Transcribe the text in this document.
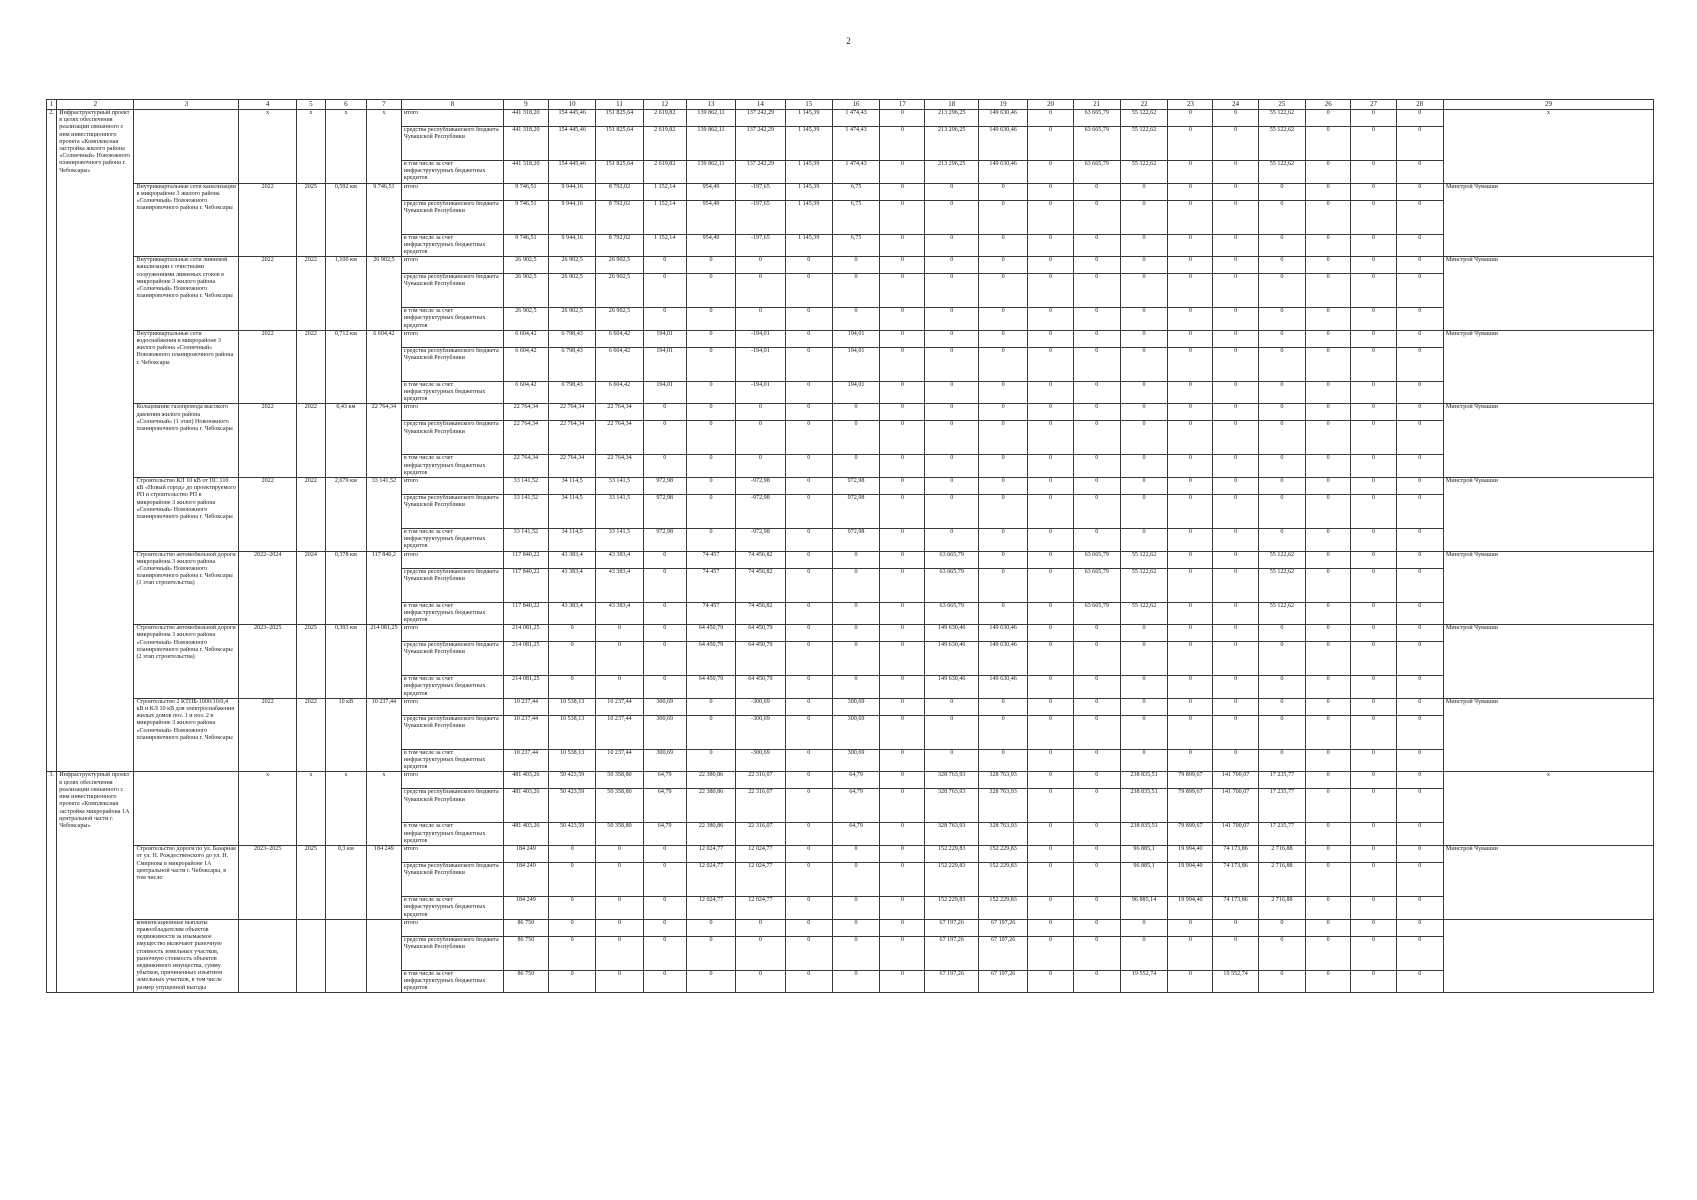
2
1	2	3	4	5	6	7	8	9	10	11	12	13	14	15	16	17	18	19	20	21	22	23	24	25	26	27	28	29
2.	Инфраструктурный проект в целях обеспечения реализации связанного с ним инвестиционного проекта «Комплексная застройка жилого района «Солнечный» Новоюжного планировочного района г. Чебоксары»		x	x	x	x	итого	441 318,20	154 445,46	151 825,64	2 619,82	139 862,11	137 242,29	1 145,39	1 474,43	0	213 296,25	149 630,46	0	63 665,79	55 122,62	0	0	55 122,62	0	0	0	x
							средства республиканского бюджета Чувашской Республики	441 318,20	154 445,46	151 825,64	2 619,82	139 862,11	137 242,29	1 145,39	1 474,43	0	213 296,25	149 630,46	0	63 665,79	55 122,62	0	0	55 122,62	0	0	0	
							в том числе за счет инфраструктурных бюджетных кредитов	441 318,20	154 445,46	151 825,64	2 619,82	139 862,11	137 242,29	1 145,39	1 474,43	0	213 296,25	149 630,46	0	63 665,79	55 122,62	0	0	55 122,62	0	0	0	
		Внутриквартальные сети канализации в микрорайоне 3 жилого района «Солнечный» Новоюжного планировочного района г. Чебоксары	2022	2025	0,592 км	9 746,51	итого	9 746,51	9 944,16	8 792,02	1 152,14	954,49	-197,65	1 145,39	6,75	0	0	0	0	0	0	0	0	0	0	0	0	Минстрой Чувашии
							средства республиканского бюджета Чувашской Республики	9 746,51	9 944,16	8 792,02	1 152,14	954,49	-197,65	1 145,39	6,75	0	0	0	0	0	0	0	0	0	0	0	0	
							в том числе за счет инфраструктурных бюджетных кредитов	9 746,51	9 944,16	8 792,02	1 152,14	954,49	-197,65	1 145,39	6,75	0	0	0	0	0	0	0	0	0	0	0	0	
		Внутриквартальные сети ливневой канализации с очистными сооружениями ливневых стоков в микрорайоне 3 жилого района «Солнечный» Новоюжного планировочного района г. Чебоксары	2022	2022	1,100 км	26 902,5	итого	26 902,5	26 902,5	26 902,5	0	0	0	0	0	0	0	0	0	0	0	0	0	0	0	0	0	Минстрой Чувашии
							средства республиканского бюджета Чувашской Республики	26 902,5	26 902,5	26 902,5	0	0	0	0	0	0	0	0	0	0	0	0	0	0	0	0	0	
							в том числе за счет инфраструктурных бюджетных кредитов	26 902,5	26 902,5	26 902,5	0	0	0	0	0	0	0	0	0	0	0	0	0	0	0	0	0	
		Внутриквартальные сети водоснабжения в микрорайоне 3 жилого района «Солнечный» Новоюжного планировочного района г. Чебоксары	2022	2022	0,712 км	6 604,42	итого	6 604,42	6 798,43	6 604,42	194,01	0	-194,01	0	194,01	0	0	0	0	0	0	0	0	0	0	0	0	Минстрой Чувашии
							средства республиканского бюджета Чувашской Республики	6 604,42	6 798,43	6 604,42	194,01	0	-194,01	0	194,01	0	0	0	0	0	0	0	0	0	0	0	0	
							в том числе за счет инфраструктурных бюджетных кредитов	6 604,42	6 798,43	6 604,42	194,01	0	-194,01	0	194,01	0	0	0	0	0	0	0	0	0	0	0	0	
		Кольцевание газопровода высокого давления жилого района «Солнечный» (1 этап) Новоюжного планировочного района г. Чебоксары	2022	2022	0,43 км	22 764,34	итого	22 764,34	22 764,34	22 764,34	0	0	0	0	0	0	0	0	0	0	0	0	0	0	0	0	0	Минстрой Чувашии
							средства республиканского бюджета Чувашской Республики	22 764,34	22 764,34	22 764,34	0	0	0	0	0	0	0	0	0	0	0	0	0	0	0	0	0	
							в том числе за счет инфраструктурных бюджетных кредитов	22 764,34	22 764,34	22 764,34	0	0	0	0	0	0	0	0	0	0	0	0	0	0	0	0	0	
		Строительство КЛ 10 кВ от ПС 110 кВ «Новый город» до проектируемого РП и строительство РП в микрорайоне 3 жилого района «Солнечный» Новоюжного планировочного района г. Чебоксары	2022	2022	2,679 км	33 141,52	итого	33 141,52	34 114,5	33 141,5	972,98	0	-972,98	0	972,98	0	0	0	0	0	0	0	0	0	0	0	0	Минстрой Чувашии
							средства республиканского бюджета Чувашской Республики	33 141,52	34 114,5	33 141,5	972,98	0	-972,98	0	972,98	0	0	0	0	0	0	0	0	0	0	0	0	
							в том числе за счет инфраструктурных бюджетных кредитов	33 141,52	34 114,5	33 141,5	972,98	0	-972,98	0	972,98	0	0	0	0	0	0	0	0	0	0	0	0	
		Строительство автомобильной дороги микрорайона 3 жилого района «Солнечный» Новоюжного планировочного района г. Чебоксары (1 этап строительства)	2022–2024	2024	0,378 км	117 840,2	итого	117 840,22	43 383,4	43 383,4	0	74 457	74 456,82	0	0	0	63 665,79	0	0	63 665,79	55 122,62	0	0	55 122,62	0	0	0	Минстрой Чувашии
							средства республиканского бюджета Чувашской Республики	117 840,22	43 383,4	43 383,4	0	74 457	74 456,82	0	0	0	63 665,79	0	0	63 665,79	55 122,62	0	0	55 122,62	0	0	0	
							в том числе за счет инфраструктурных бюджетных кредитов	117 840,22	43 383,4	43 383,4	0	74 457	74 456,82	0	0	0	63 665,79	0	0	63 665,79	55 122,62	0	0	55 122,62	0	0	0	
		Строительство автомобильной дороги микрорайона 3 жилого района «Солнечный» Новоюжного планировочного района г. Чебоксары (2 этап строительства)	2023–2025	2025	0,393 км	214 081,25	итого	214 081,25	0	0	0	64 450,79	64 450,79	0	0	0	149 630,46	149 630,46	0	0	0	0	0	0	0	0	0	Минстрой Чувашии
							средства республиканского бюджета Чувашской Республики	214 081,25	0	0	0	64 450,79	64 450,79	0	0	0	149 630,46	149 630,46	0	0	0	0	0	0	0	0	0	
							в том числе за счет инфраструктурных бюджетных кредитов	214 081,25	0	0	0	64 450,79	64 450,79	0	0	0	149 630,46	149 630,46	0	0	0	0	0	0	0	0	0	
		Строительство 2 КТПБ-1000/10/0,4 кВ и КЛ 10 кВ для электроснабжения жилых домов поз. 1 и поз. 2 в микрорайоне 3 жилого района «Солнечный» Новоюжного планировочного района г. Чебоксары	2022	2022	10 кВ	10 237,44	итого	10 237,44	10 538,13	10 237,44	300,69	0	-300,69	0	300,69	0	0	0	0	0	0	0	0	0	0	0	0	Минстрой Чувашии
							средства республиканского бюджета Чувашской Республики	10 237,44	10 538,13	10 237,44	300,69	0	-300,69	0	300,69	0	0	0	0	0	0	0	0	0	0	0	0	
							в том числе за счет инфраструктурных бюджетных кредитов	10 237,44	10 538,13	10 237,44	300,69	0	-300,69	0	300,69	0	0	0	0	0	0	0	0	0	0	0	0	
3.	Инфраструктурный проект в целях обеспечения реализации связанного с ним инвестиционного проекта «Комплексная застройка микрорайона 1А центральной части г. Чебоксары»		x	x	x	x	итого	481 403,26	50 423,59	50 358,80	64,79	22 380,86	22 316,07	0	64,79	0	328 763,93	328 763,93	0	0	238 835,51	79 899,67	141 700,07	17 235,77	0	0	0	x
							средства республиканского бюджета Чувашской Республики	481 403,26	50 423,59	50 358,80	64,79	22 380,86	22 316,07	0	64,79	0	328 763,93	328 763,93	0	0	238 835,51	79 899,67	141 700,07	17 235,77	0	0	0	
							в том числе за счет инфраструктурных бюджетных кредитов	481 403,26	50 423,59	50 358,80	64,79	22 380,86	22 316,07	0	64,79	0	328 763,93	328 763,93	0	0	238 835,51	79 899,67	141 700,07	17 235,77	0	0	0	
		Строительство дороги по ул. Базарная от ул. Н. Рождественского до ул. Н. Смирнова в микрорайоне 1А центральной части г. Чебоксары, в том числе:	2023–2025	2025	0,3 км	184 249	итого	184 249	0	0	0	12 024,77	12 024,77	0	0	0	152 229,83	152 229,83	0	0	96 885,1	19 994,40	74 173,86	2 716,88	0	0	0	Минстрой Чувашии
							средства республиканского бюджета Чувашской Республики	184 249	0	0	0	12 024,77	12 024,77	0	0	0	152 229,83	152 229,83	0	0	96 885,1	19 994,40	74 173,86	2 716,88	0	0	0	
							в том числе за счет инфраструктурных бюджетных кредитов	184 249	0	0	0	12 024,77	12 024,77	0	0	0	152 229,83	152 229,83	0	0	96 885,14	19 994,40	74 173,86	2 716,88	0	0	0	
		компенсационные выплаты правообладателям объектов недвижимости за изымаемое имущество включают рыночную стоимость земельных участков, рыночную стоимость объектов недвижимого имущества, сумму убытков, причиненных изъятием земельных участков, в том числе размер упущенной выгоды					итого	86 750	0	0	0	0	0	0	0	0	67 197,26	67 197,26	0	0	0	0	0	0	0	0	0	
							средства республиканского бюджета Чувашской Республики	86 750	0	0	0	0	0	0	0	0	67 197,26	67 197,26	0	0	0	0	0	0	0	0	0	
							в том числе за счет инфраструктурных бюджетных кредитов	86 750	0	0	0	0	0	0	0	0	67 197,26	67 197,26	0	0	19 552,74	0	19 552,74	0	0	0	0	
